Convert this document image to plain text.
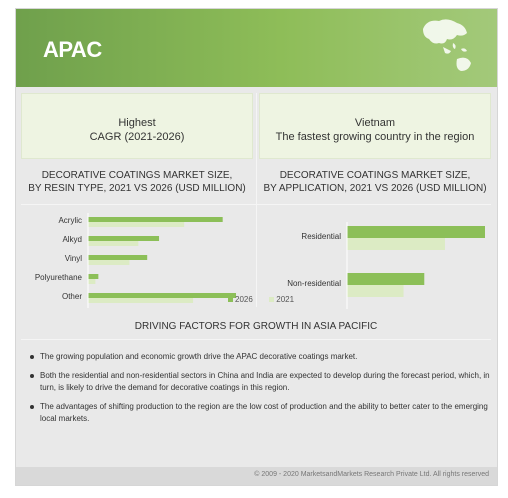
APAC
Highest
CAGR (2021-2026)
Vietnam
The fastest growing country in the region
DECORATIVE COATINGS MARKET SIZE,
BY RESIN TYPE, 2021 VS 2026 (USD MILLION)
DECORATIVE COATINGS MARKET SIZE,
BY APPLICATION, 2021 VS 2026 (USD MILLION)
Acrylic
Alkyd
Vinyl
Polyurethane
Other
Residential
Non-residential
2026	2021
DRIVING FACTORS FOR GROWTH IN ASIA PACIFIC
The growing population and economic growth drive the APAC decorative coatings market.
Both the residential and non-residential sectors in China and India are expected to develop during the forecast period, which, in turn, is likely to drive the demand for decorative coatings in this region.
The advantages of shifting production to the region are the low cost of production and the ability to better cater to the emerging local markets.
© 2009 - 2020 MarketsandMarkets Research Private Ltd. All rights reserved
